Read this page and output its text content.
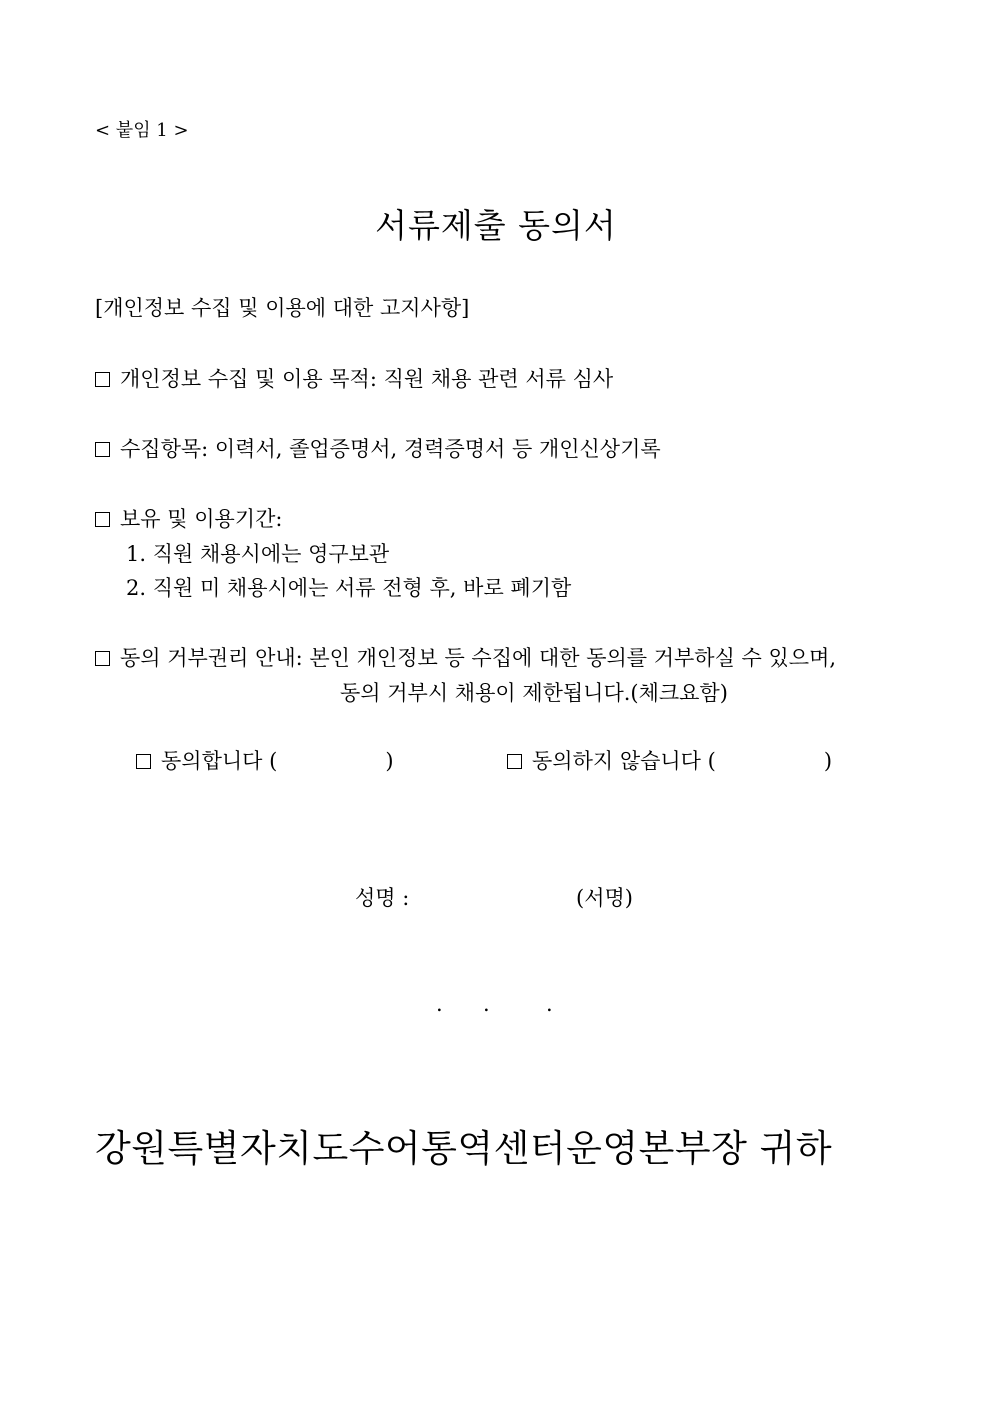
< 붙임 1 >
서류제출 동의서
[개인정보 수집 및 이용에 대한 고지사항]
개인정보 수집 및 이용 목적: 직원 채용 관련 서류 심사
수집항목: 이력서, 졸업증명서, 경력증명서 등 개인신상기록
보유 및 이용기간:
1. 직원 채용시에는 영구보관
2. 직원 미 채용시에는 서류 전형 후, 바로 폐기함
동의 거부권리 안내: 본인 개인정보 등 수집에 대한 동의를 거부하실 수 있으며,
동의 거부시 채용이 제한됩니다.(체크요함)
동의합니다 (	)	동의하지 않습니다 (	)
성명 :	(서명)
. .	.
강원특별자치도수어통역센터운영본부장 귀하
